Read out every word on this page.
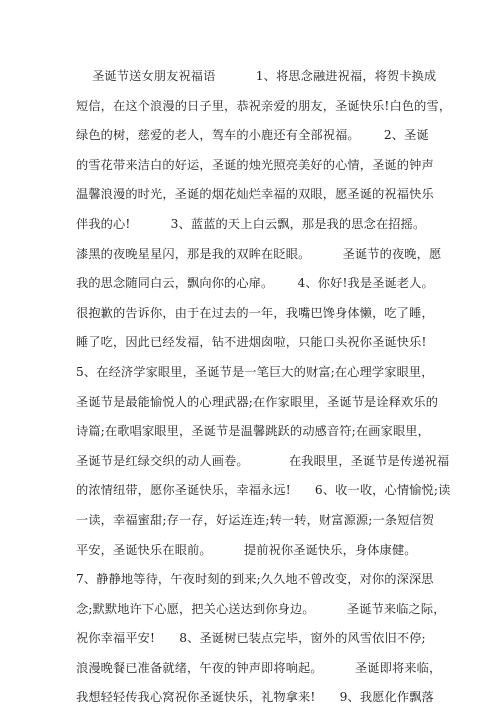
圣诞节送女朋友祝福语          1、将思念融进祝福，将贺卡换成
短信，在这个浪漫的日子里，恭祝亲爱的朋友，圣诞快乐!白色的雪，
绿色的树，慈爱的老人，驾车的小鹿还有全部祝福。      2、圣诞
的雪花带来洁白的好运，圣诞的烛光照亮美好的心情，圣诞的钟声
温馨浪漫的时光，圣诞的烟花灿烂幸福的双眼，愿圣诞的祝福快乐
伴我的心!          3、蓝蓝的天上白云飘，那是我的思念在招摇。
漆黑的夜晚星星闪，那是我的双眸在眨眼。        圣诞节的夜晚，愿
我的思念随同白云，飘向你的心扉。      4、你好!我是圣诞老人。
很抱歉的告诉你，由于在过去的一年，我嘴巴馋身体懒，吃了睡，
睡了吃，因此已经发福，钻不进烟囱啦，只能口头祝你圣诞快乐!
5、在经济学家眼里，圣诞节是一笔巨大的财富;在心理学家眼里，
圣诞节是最能愉悦人的心理武器;在作家眼里，圣诞节是诠释欢乐的
诗篇;在歌唱家眼里，圣诞节是温馨跳跃的动感音符;在画家眼里，
圣诞节是红绿交织的动人画卷。          在我眼里，圣诞节是传递祝福
的浓情纽带，愿你圣诞快乐，幸福永远!      6、收一收，心情愉悦;读
一读，幸福蜜甜;存一存，好运连连;转一转，财富源源;一条短信贺
平安，圣诞快乐在眼前。        提前祝你圣诞快乐，身体康健。
7、静静地等待，午夜时刻的到来;久久地不曾改变，对你的深深思
念;默默地许下心愿，把关心送达到你身边。        圣诞节来临之际，
祝你幸福平安!      8、圣诞树已装点完毕，窗外的风雪依旧不停;
浪漫晚餐已准备就绪，午夜的钟声即将响起。        圣诞即将来临，
我想轻轻传我心窝祝你圣诞快乐，礼物拿来!      9、我愿化作飘落
